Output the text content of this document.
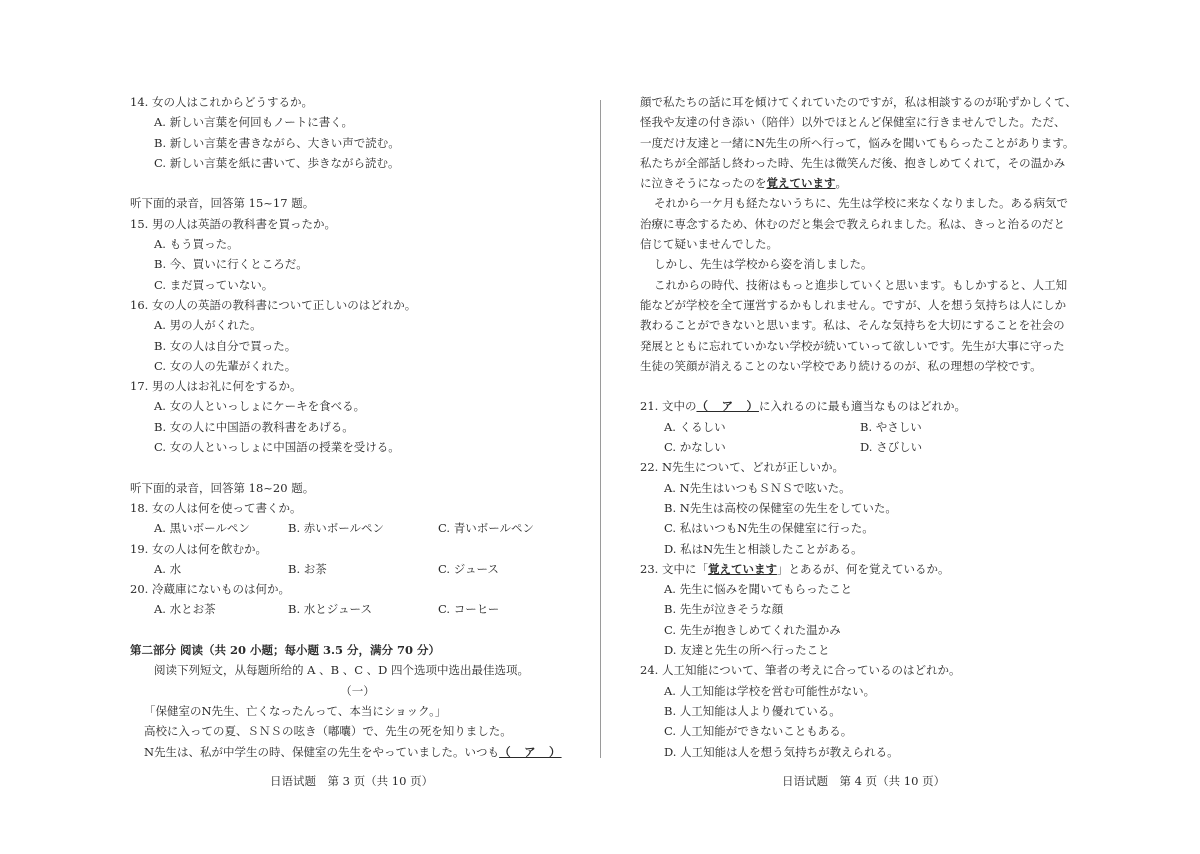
14. 女の人はこれからどうするか。
A. 新しい言葉を何回もノートに書く。
B. 新しい言葉を書きながら、大きい声で読む。
C. 新しい言葉を紙に書いて、歩きながら読む。
听下面的录音，回答第 15~17 题。
15. 男の人は英語の教科書を買ったか。
A. もう買った。
B. 今、買いに行くところだ。
C. まだ買っていない。
16. 女の人の英語の教科書について正しいのはどれか。
A. 男の人がくれた。
B. 女の人は自分で買った。
C. 女の人の先輩がくれた。
17. 男の人はお礼に何をするか。
A. 女の人といっしょにケーキを食べる。
B. 女の人に中国語の教科書をあげる。
C. 女の人といっしょに中国語の授業を受ける。
听下面的录音，回答第 18~20 题。
18. 女の人は何を使って書くか。
A. 黒いボールペン	B. 赤いボールペン	C. 青いボールペン
19. 女の人は何を飲むか。
A. 水	B. お茶	C. ジュース
20. 冷蔵庫にないものは何か。
A. 水とお茶	B. 水とジュース	C. コーヒー
第二部分 阅读（共 20 小题；每小题 3.5 分，满分 70 分）
阅读下列短文，从每题所给的 A 、B 、C 、D 四个选项中选出最佳选项。
（一）
「保健室のN先生、亡くなったんって、本当にショック。」
高校に入っての夏、ＳＮＳの呟き（嘟囔）で、先生の死を知りました。
N先生は、私が中学生の時、保健室の先生をやっていました。いつも（　ア　）
顔で私たちの話に耳を傾けてくれていたのですが，私は相談するのが恥ずかしくて、
怪我や友達の付き添い（陪伴）以外でほとんど保健室に行きませんでした。ただ、
一度だけ友達と一緒にN先生の所へ行って，悩みを聞いてもらったことがあります。
私たちが全部話し終わった時、先生は微笑んだ後、抱きしめてくれて，その温かみ
に泣きそうになったのを覚えています。
それから一ケ月も経たないうちに、先生は学校に来なくなりました。ある病気で
治療に専念するため、休むのだと集会で教えられました。私は、きっと治るのだと
信じて疑いませんでした。
しかし、先生は学校から姿を消しました。
これからの時代、技術はもっと進歩していくと思います。もしかすると、人工知
能などが学校を全て運営するかもしれません。ですが、人を想う気持ちは人にしか
教わることができないと思います。私は、そんな気持ちを大切にすることを社会の
発展とともに忘れていかない学校が続いていって欲しいです。先生が大事に守った
生徒の笑顔が消えることのない学校であり続けるのが、私の理想の学校です。
21. 文中の（　ア　）に入れるのに最も適当なものはどれか。
A. くるしい	B. やさしい
C. かなしい	D. さびしい
22. N先生について、どれが正しいか。
A. N先生はいつもＳＮＳで呟いた。
B. N先生は高校の保健室の先生をしていた。
C. 私はいつもN先生の保健室に行った。
D. 私はN先生と相談したことがある。
23. 文中に「覚えています」とあるが、何を覚えているか。
A. 先生に悩みを聞いてもらったこと
B. 先生が泣きそうな顔
C. 先生が抱きしめてくれた温かみ
D. 友達と先生の所へ行ったこと
24. 人工知能について、筆者の考えに合っているのはどれか。
A. 人工知能は学校を営む可能性がない。
B. 人工知能は人より優れている。
C. 人工知能ができないこともある。
D. 人工知能は人を想う気持ちが教えられる。
日语试题　第 3 页（共 10 页）	日语试题　第 4 页（共 10 页）
